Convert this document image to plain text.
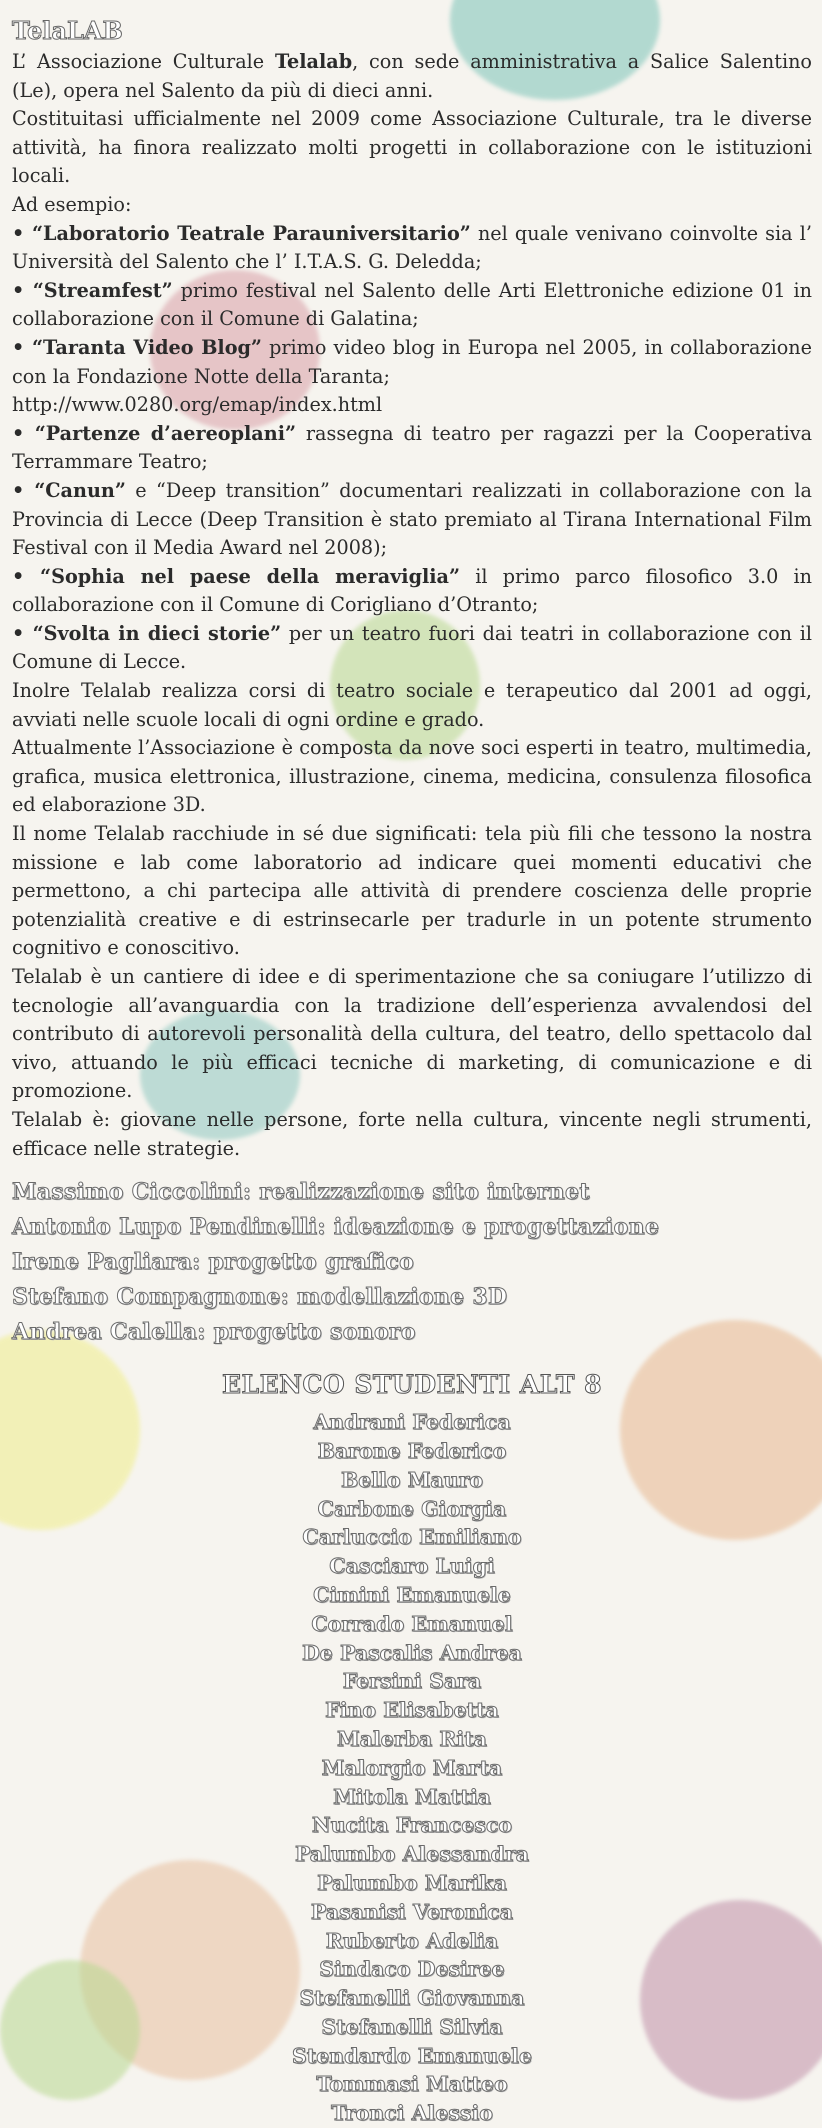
TelaLAB

L’ Associazione Culturale Telalab, con sede amministrativa a Salice Salentino (Le), opera nel Salento da più di dieci anni.

Costituitasi ufficialmente nel 2009 come Associazione Culturale, tra le diverse attività, ha finora realizzato molti progetti in collaborazione con le istituzioni locali.

Ad esempio:

• “Laboratorio Teatrale Parauniversitario” nel quale venivano coinvolte sia l’ Università del Salento che l’ I.T.A.S. G. Deledda;

• “Streamfest” primo festival nel Salento delle Arti Elettroniche edizione 01 in collaborazione con il Comune di Galatina;

• “Taranta Video Blog” primo video blog in Europa nel 2005, in collaborazione con la Fondazione Notte della Taranta;

http://www.0280.org/emap/index.html

• “Partenze d’aereoplani” rassegna di teatro per ragazzi per la Cooperativa Terrammare Teatro;

• “Canun” e “Deep transition” documentari realizzati in collaborazione con la Provincia di Lecce (Deep Transition è stato premiato al Tirana International Film Festival con il Media Award nel 2008);

• “Sophia nel paese della meraviglia” il primo parco filosofico 3.0 in collaborazione con il Comune di Corigliano d’Otranto;

• “Svolta in dieci storie” per un teatro fuori dai teatri in collaborazione con il Comune di Lecce.

Inolre Telalab realizza corsi di teatro sociale e terapeutico dal 2001 ad oggi, avviati nelle scuole locali di ogni ordine e grado.

Attualmente l’Associazione è composta da nove soci esperti in teatro, multimedia, grafica, musica elettronica, illustrazione, cinema, medicina, consulenza filosofica ed elaborazione 3D.

Il nome Telalab racchiude in sé due significati: tela più fili che tessono la nostra missione e lab come laboratorio ad indicare quei momenti educativi che permettono, a chi partecipa alle attività di prendere coscienza delle proprie potenzialità creative e di estrinsecarle per tradurle in un potente strumento cognitivo e conoscitivo.

Telalab è un cantiere di idee e di sperimentazione che sa coniugare l’utilizzo di tecnologie all’avanguardia con la tradizione dell’esperienza avvalendosi del contributo di autorevoli personalità della cultura, del teatro, dello spettacolo dal vivo, attuando le più efficaci tecniche di marketing, di comunicazione e di promozione.

Telalab è: giovane nelle persone, forte nella cultura, vincente negli strumenti, efficace nelle strategie.

Massimo Ciccolini: realizzazione sito internet
Antonio Lupo Pendinelli: ideazione e progettazione
Irene Pagliara: progetto grafico
Stefano Compagnone: modellazione 3D
Andrea Calella: progetto sonoro
ELENCO STUDENTI ALT 8
Andrani Federica
Barone Federico
Bello Mauro
Carbone Giorgia
Carluccio Emiliano
Casciaro Luigi
Cimini Emanuele
Corrado Emanuel
De Pascalis Andrea
Fersini Sara
Fino Elisabetta
Malerba Rita
Malorgio Marta
Mitola Mattia
Nucita Francesco
Palumbo Alessandra
Palumbo Marika
Pasanisi Veronica
Ruberto Adelia
Sindaco Desiree
Stefanelli Giovanna
Stefanelli Silvia
Stendardo Emanuele
Tommasi Matteo
Tronci Alessio
